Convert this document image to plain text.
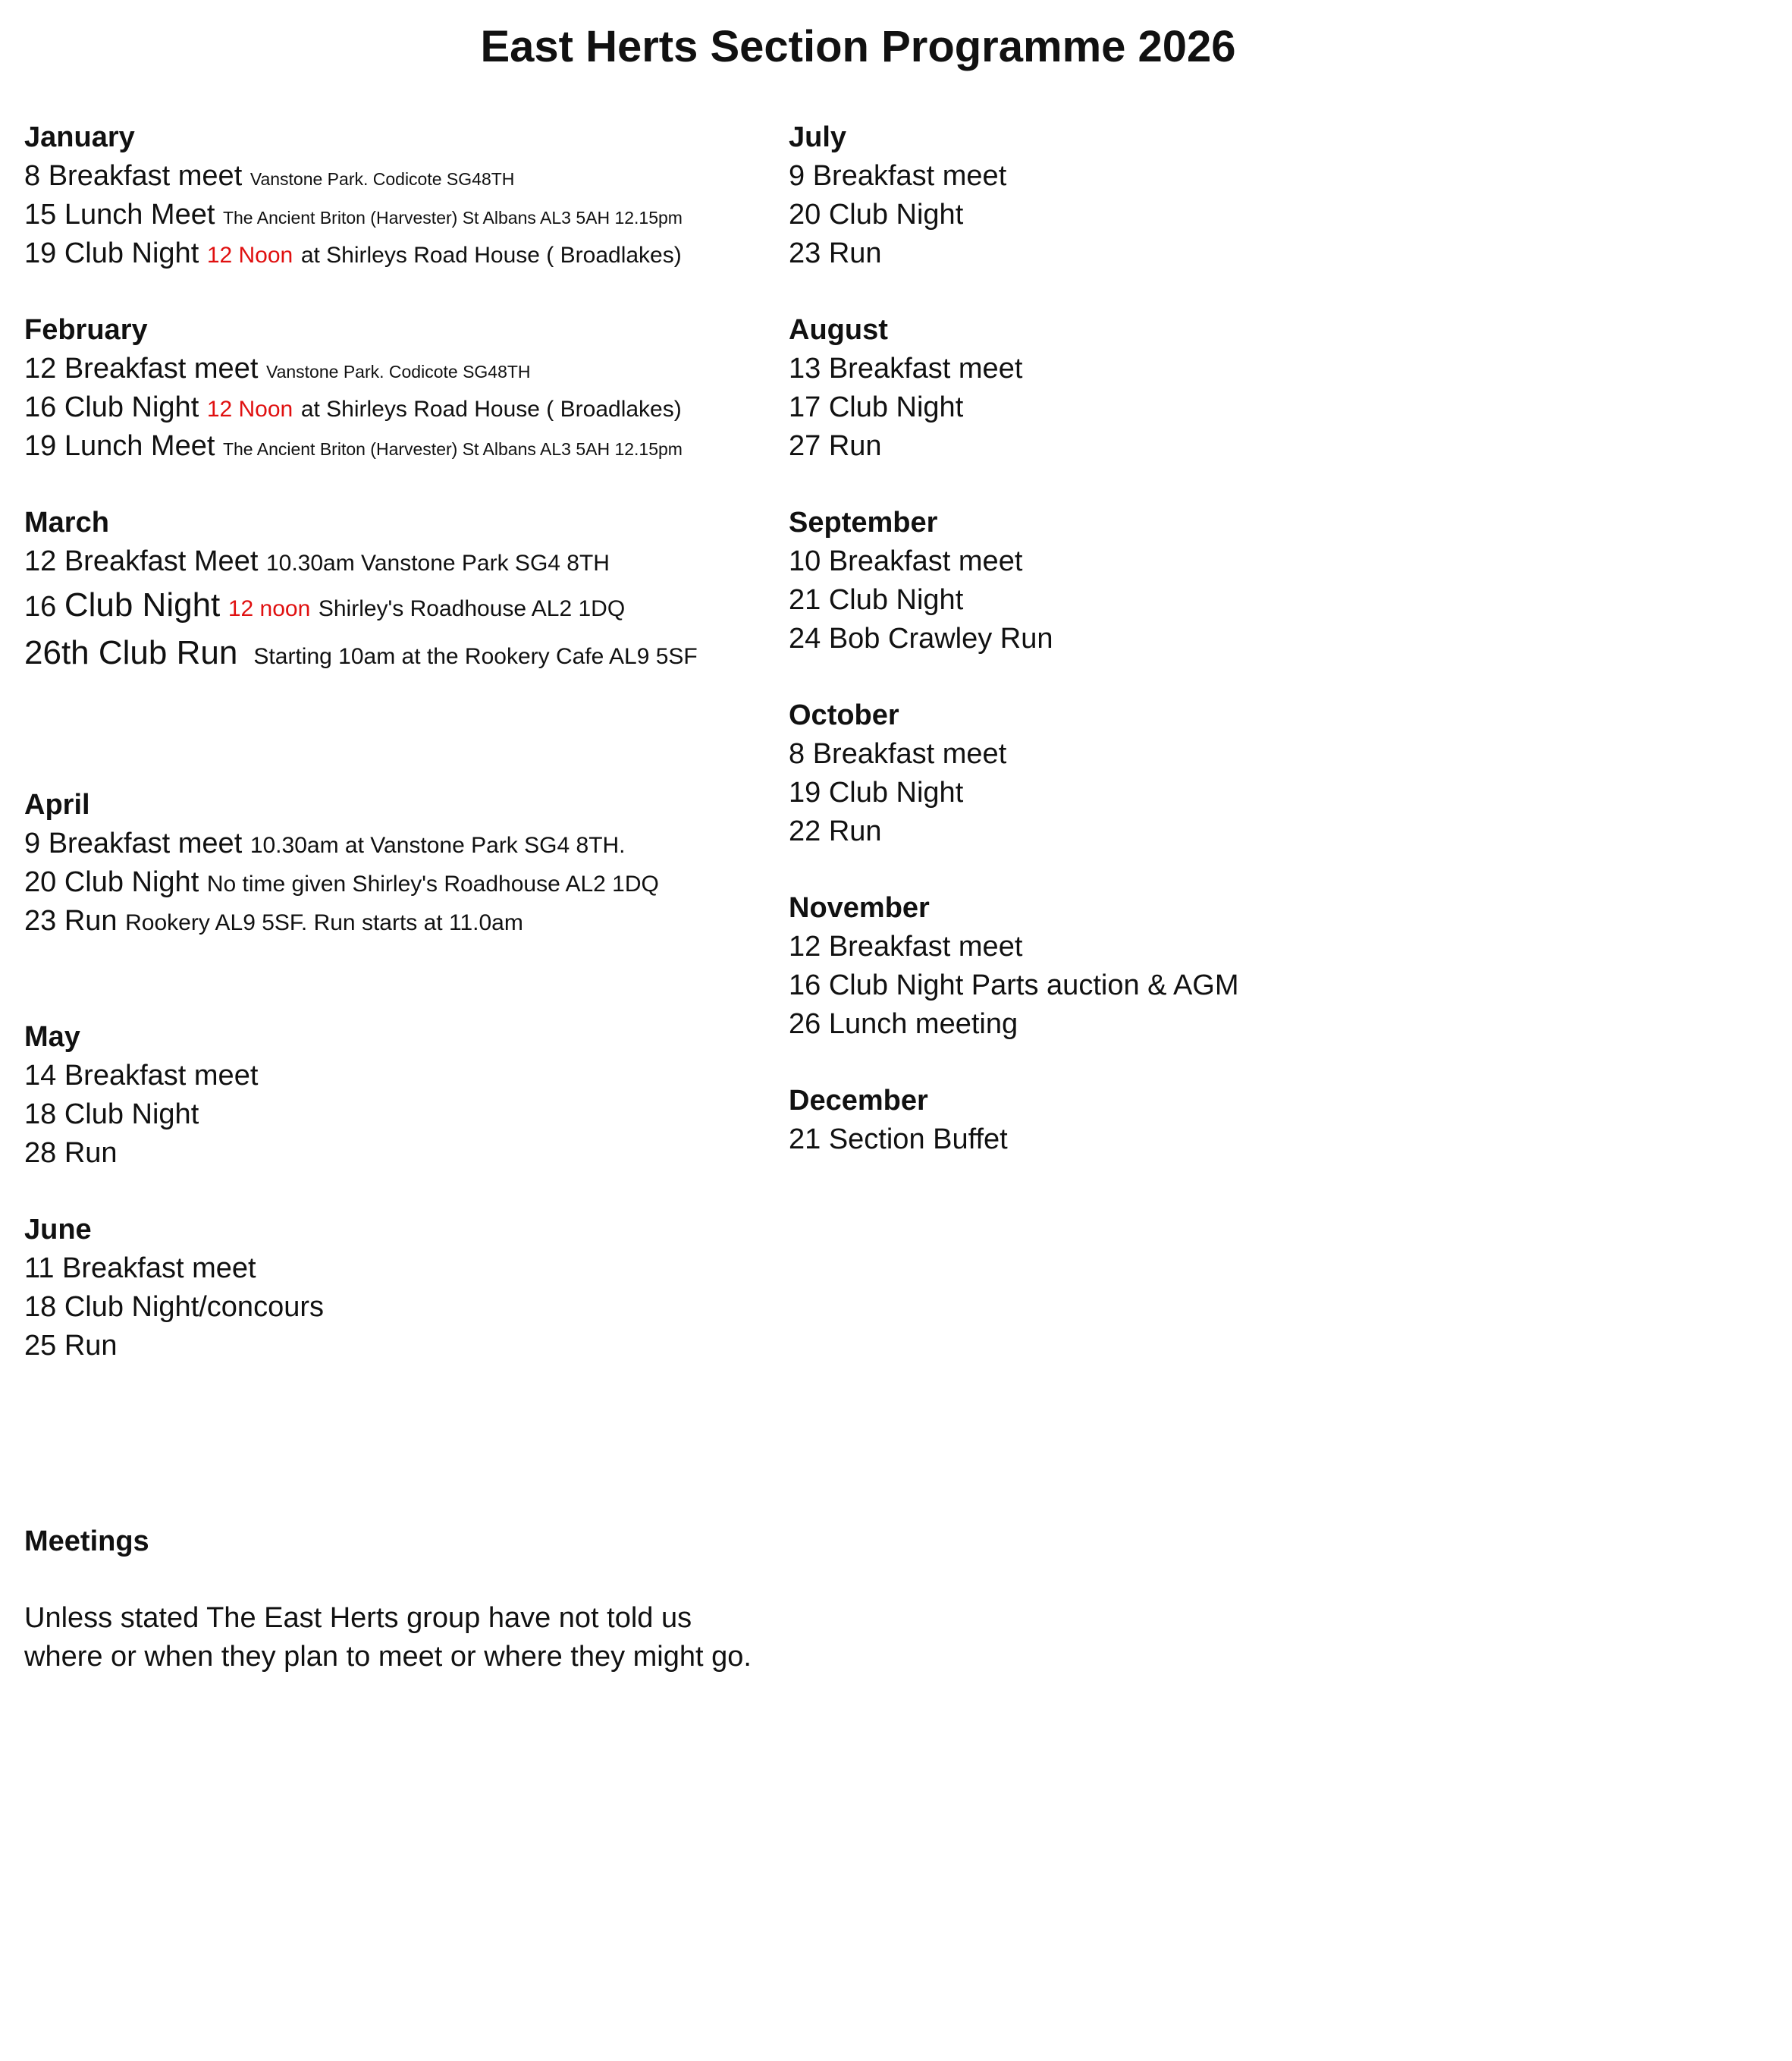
East Herts Section Programme 2026
January
8 Breakfast meet Vanstone Park. Codicote SG48TH
15 Lunch Meet The Ancient Briton (Harvester) St Albans AL3 5AH 12.15pm
19 Club Night 12 Noon at Shirleys Road House ( Broadlakes)
February
12 Breakfast meet Vanstone Park. Codicote SG48TH
16 Club Night 12 Noon at Shirleys Road House ( Broadlakes)
19 Lunch Meet The Ancient Briton (Harvester) St Albans AL3 5AH 12.15pm
March
12 Breakfast Meet 10.30am Vanstone Park SG4 8TH
16 Club Night 12 noon Shirley's Roadhouse AL2 1DQ
26th Club Run Starting 10am at the Rookery Cafe AL9 5SF
April
9 Breakfast meet 10.30am at Vanstone Park SG4 8TH.
20 Club Night No time given Shirley's Roadhouse AL2 1DQ
23 Run Rookery AL9 5SF. Run starts at 11.0am
May
14 Breakfast meet
18 Club Night
28 Run
June
11 Breakfast meet
18 Club Night/concours
25 Run
July
9 Breakfast meet
20 Club Night
23 Run
August
13 Breakfast meet
17 Club Night
27 Run
September
10 Breakfast meet
21 Club Night
24 Bob Crawley Run
October
8 Breakfast meet
19 Club Night
22 Run
November
12 Breakfast meet
16 Club Night Parts auction & AGM
26 Lunch meeting
December
21 Section Buffet
Meetings
Unless stated The East Herts group have not told us where or when they plan to meet or where they might go.
